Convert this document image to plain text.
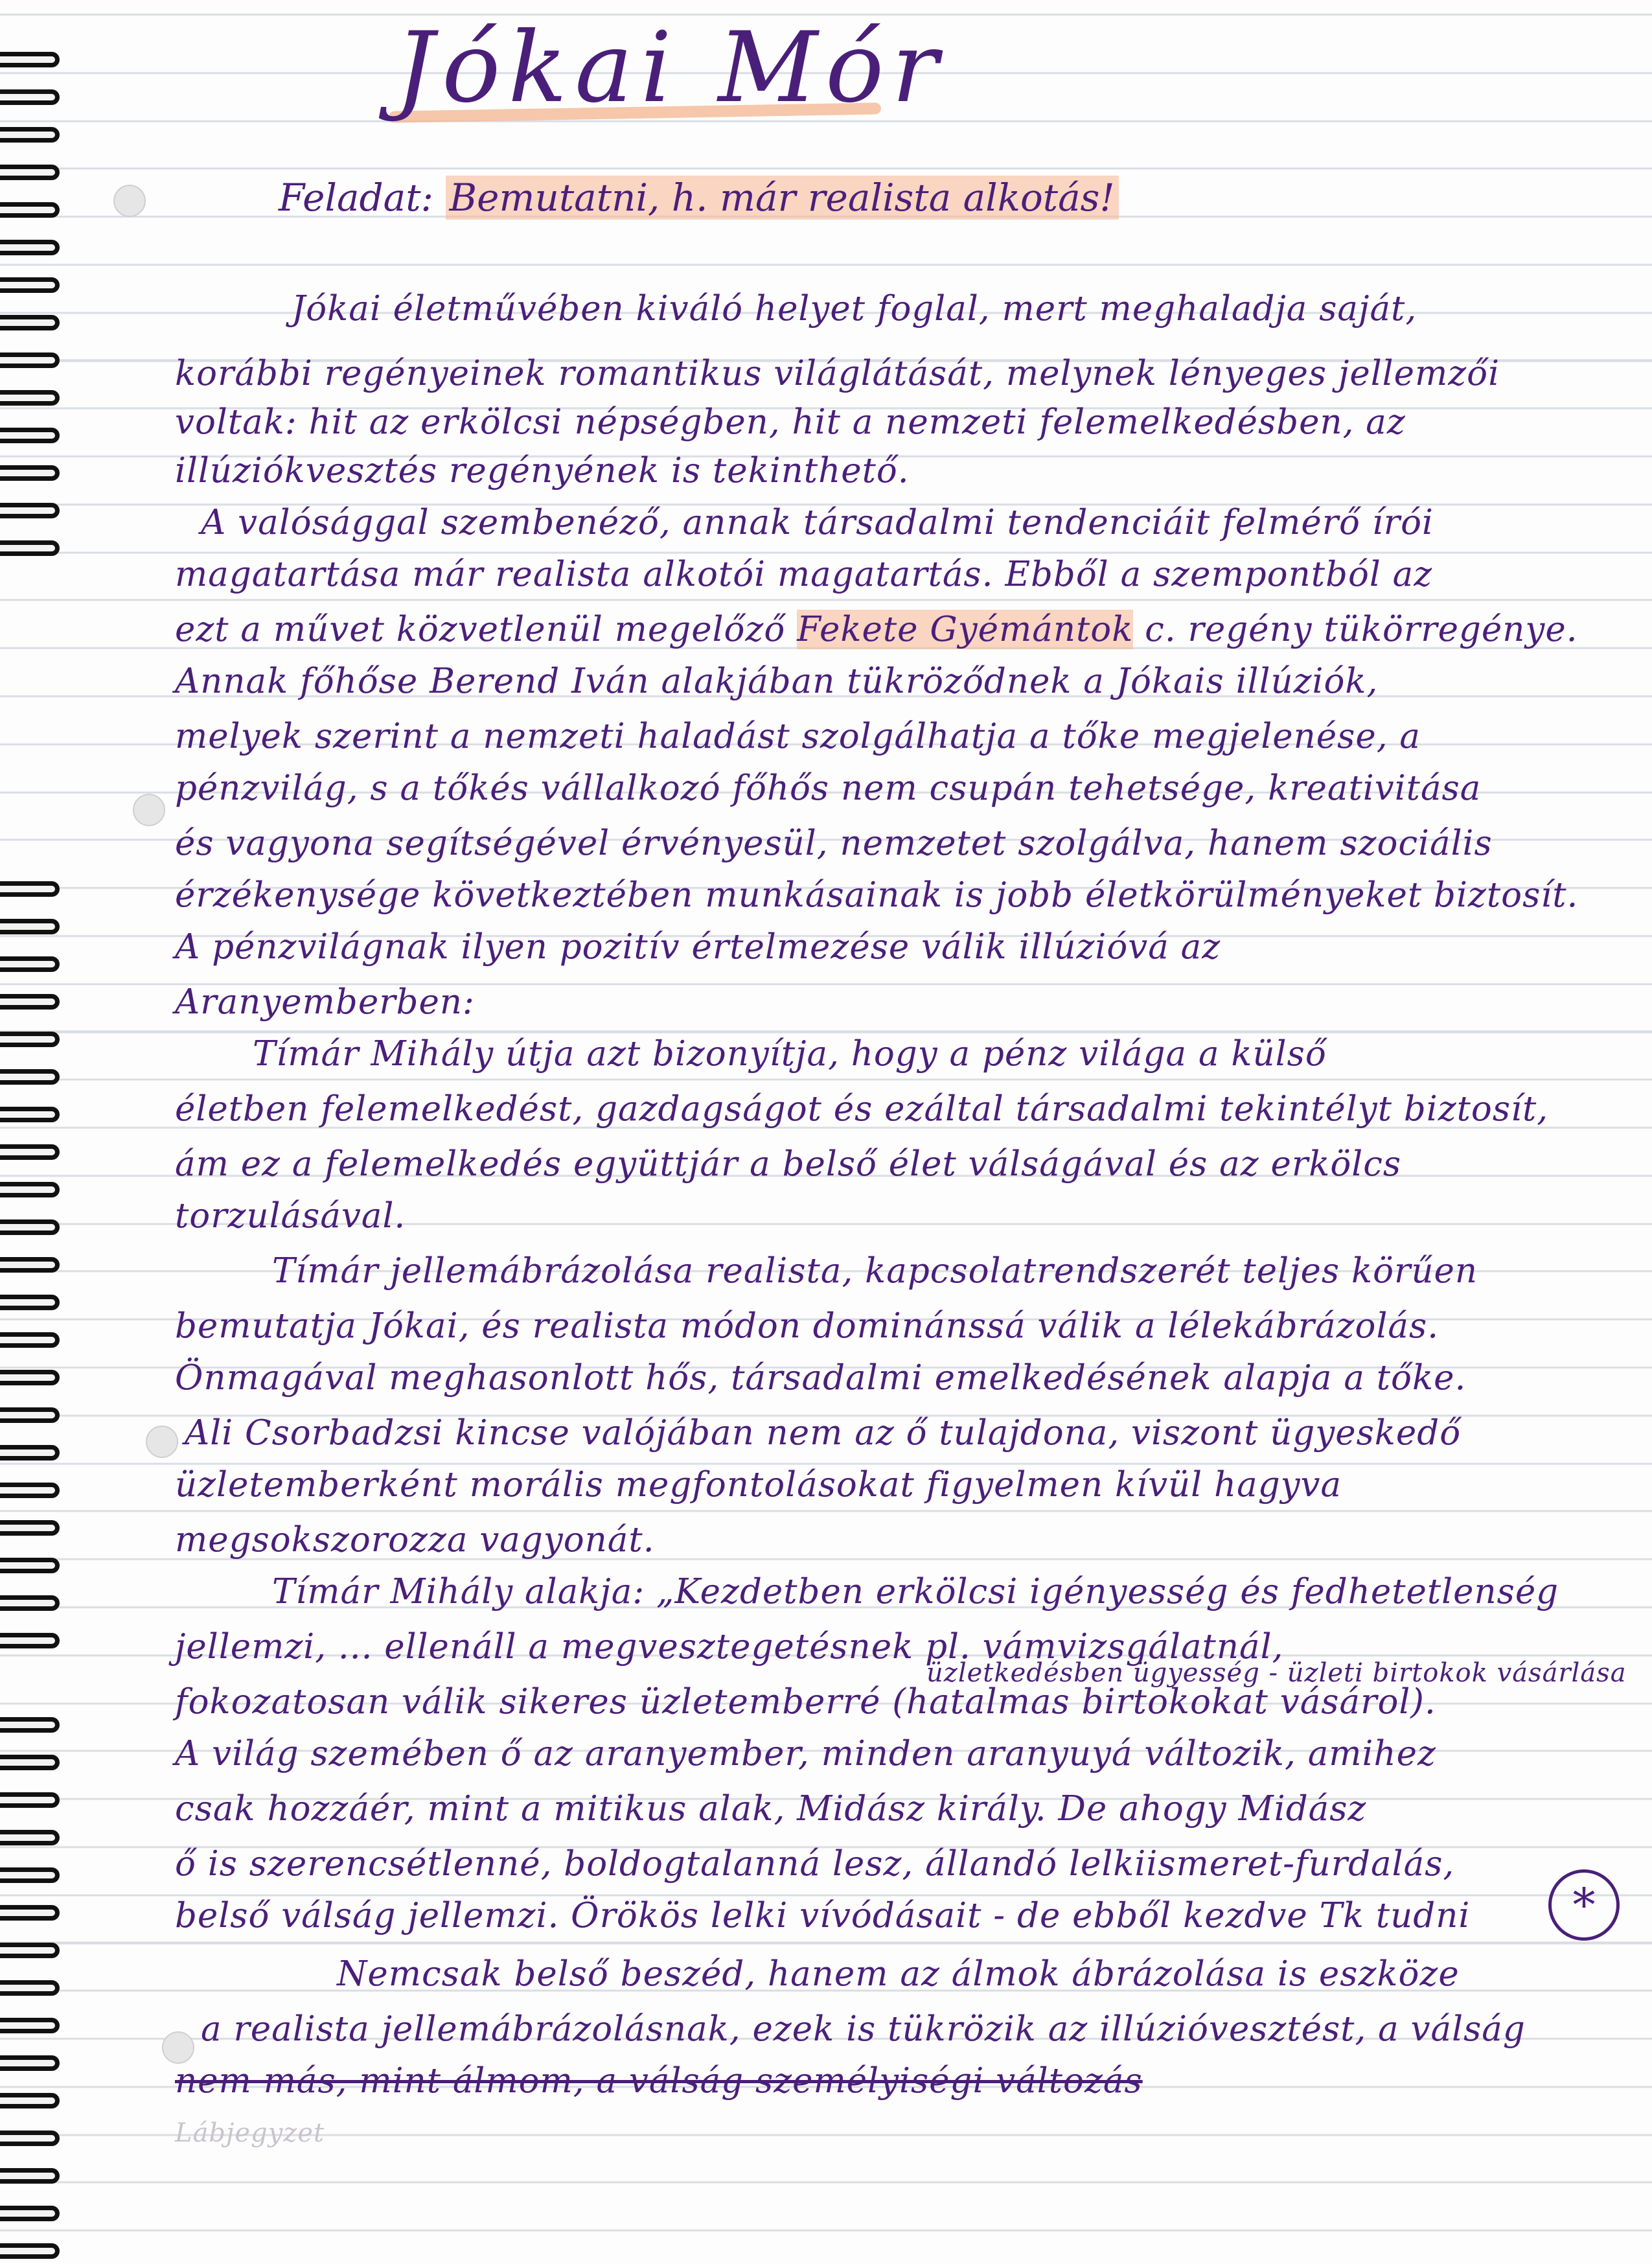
Jókai Mór
Feladat: Bemutatni, h. már realista alkotás!
Jókai életművében kiváló helyet foglal, mert meghaladja saját,
korábbi regényeinek romantikus világlátását, melynek lényeges jellemzői
voltak: hit az erkölcsi népségben, hit a nemzeti felemelkedésben, az
illúziókvesztés regényének is tekinthető.
A valósággal szembenéző, annak társadalmi tendenciáit felmérő írói
magatartása már realista alkotói magatartás. Ebből a szempontból az
ezt a művet közvetlenül megelőző Fekete Gyémántok c. regény tükörregénye.
Annak főhőse Berend Iván alakjában tükröződnek a Jókais illúziók,
melyek szerint a nemzeti haladást szolgálhatja a tőke megjelenése, a
pénzvilág, s a tőkés vállalkozó főhős nem csupán tehetsége, kreativitása
és vagyona segítségével érvényesül, nemzetet szolgálva, hanem szociális
érzékenysége következtében munkásainak is jobb életkörülményeket biztosít.
A pénzvilágnak ilyen pozitív értelmezése válik illúzióvá az
Aranyemberben:
Tímár Mihály útja azt bizonyítja, hogy a pénz világa a külső
életben felemelkedést, gazdagságot és ezáltal társadalmi tekintélyt biztosít,
ám ez a felemelkedés együttjár a belső élet válságával és az erkölcs
torzulásával.
Tímár jellemábrázolása realista, kapcsolatrendszerét teljes körűen
bemutatja Jókai, és realista módon dominánssá válik a lélekábrázolás.
Önmagával meghasonlott hős, társadalmi emelkedésének alapja a tőke.
Ali Csorbadzsi kincse valójában nem az ő tulajdona, viszont ügyeskedő
üzletemberként morális megfontolásokat figyelmen kívül hagyva
megsokszorozza vagyonát.
Tímár Mihály alakja: „Kezdetben erkölcsi igényesség és fedhetetlenség
jellemzi, ... ellenáll a megvesztegetésnek pl. vámvizsgálatnál,
üzletkedésben ügyesség - üzleti birtokok vásárlása
fokozatosan válik sikeres üzletemberré (hatalmas birtokokat vásárol).
A világ szemében ő az aranyember, minden aranyuyá változik, amihez
csak hozzáér, mint a mitikus alak, Midász király. De ahogy Midász
ő is szerencsétlenné, boldogtalanná lesz, állandó lelkiismeret-furdalás,
belső válság jellemzi. Örökös lelki vívódásait - de ebből kezdve Tk tudni
Nemcsak belső beszéd, hanem az álmok ábrázolása is eszköze
a realista jellemábrázolásnak, ezek is tükrözik az illúzióvesztést, a válság
nem más, mint álmom, a válság személyiségi változás
Lábjegyzet
*
